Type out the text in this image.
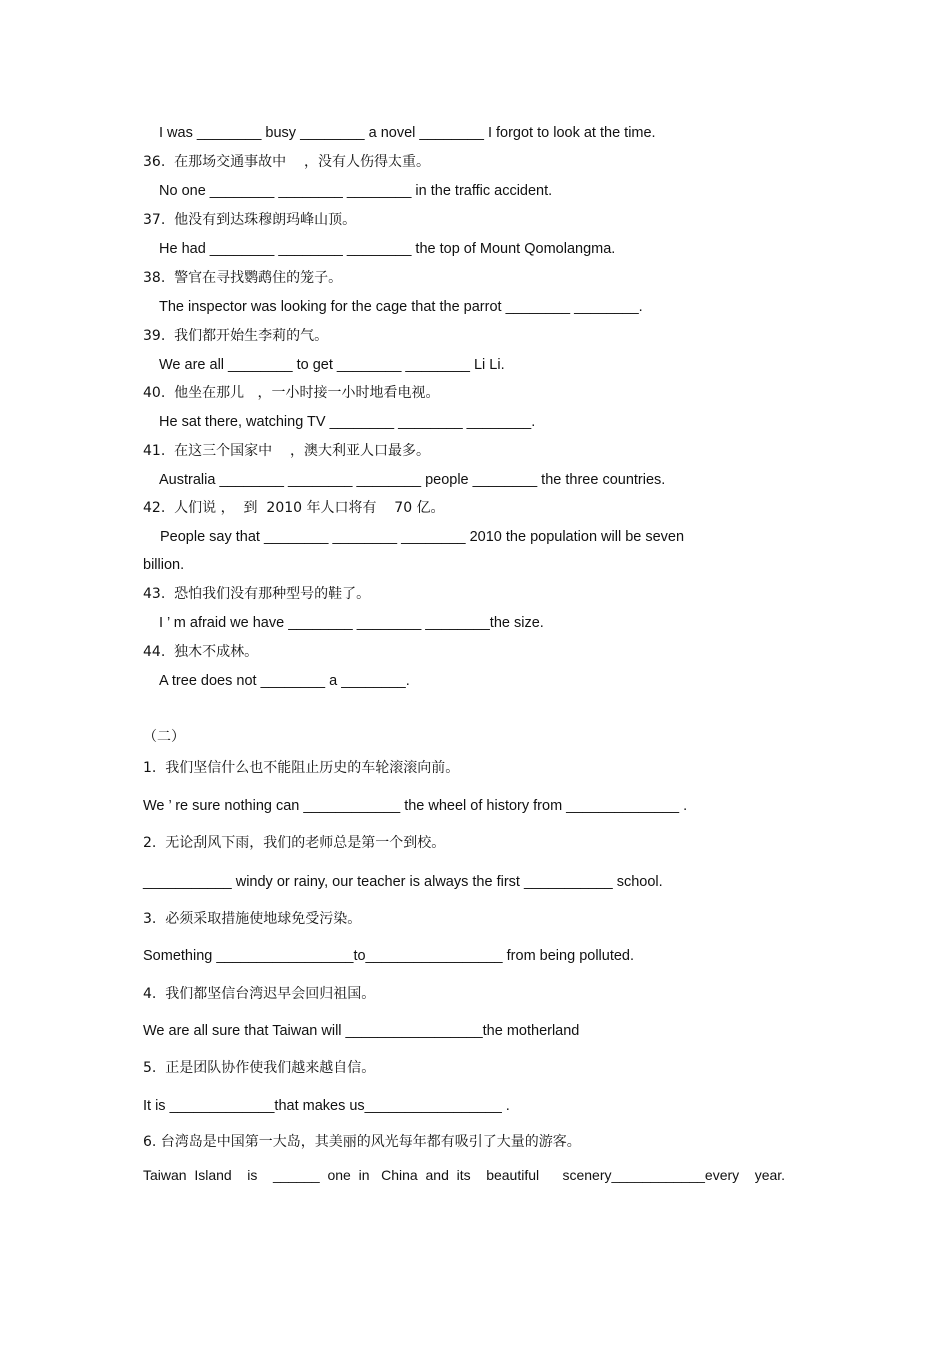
I was ________ busy ________ a novel ________ I forgot to look at the time.
36.  在那场交通事故中    ，没有人伤得太重。
No one ________ ________ ________ in the traffic accident.
37.  他没有到达珠穆朗玛峰山顶。
He had ________ ________ ________ the top of Mount Qomolangma.
38.  警官在寻找鹦鹉住的笼子。
The inspector was looking for the cage that the parrot ________ ________.
39.  我们都开始生李莉的气。
We are all ________ to get ________ ________ Li Li.
40.  他坐在那儿   ，一小时接一小时地看电视。
He sat there, watching TV ________ ________ ________.
41.  在这三个国家中    ，澳大利亚人口最多。
Australia ________ ________ ________ people ________ the three countries.
42.  人们说 ，  到  2010 年人口将有    70 亿。
People say that ________ ________ ________ 2010 the population will be seven
billion.
43.  恐怕我们没有那种型号的鞋了。
I ’ m afraid we have ________ ________ ________the size.
44.  独木不成林。
A tree does not ________ a ________.
（二）
1.  我们坚信什么也不能阻止历史的车轮滚滚向前。
We ’ re sure nothing can ____________ the wheel of history from ______________ .
2.  无论刮风下雨，我们的老师总是第一个到校。
___________ windy or rainy, our teacher is always the first ___________ school.
3.  必须采取措施使地球免受污染。
Something _________________to_________________ from being polluted.
4.  我们都坚信台湾迟早会回归祖国。
We are all sure that Taiwan will _________________the motherland
5.  正是团队协作使我们越来越自信。
It is _____________that makes us_________________ .
6. 台湾岛是中国第一大岛，其美丽的风光每年都有吸引了大量的游客。
Taiwan  Island    is    ______  one  in   China  and  its    beautiful      scenery____________every    year.
